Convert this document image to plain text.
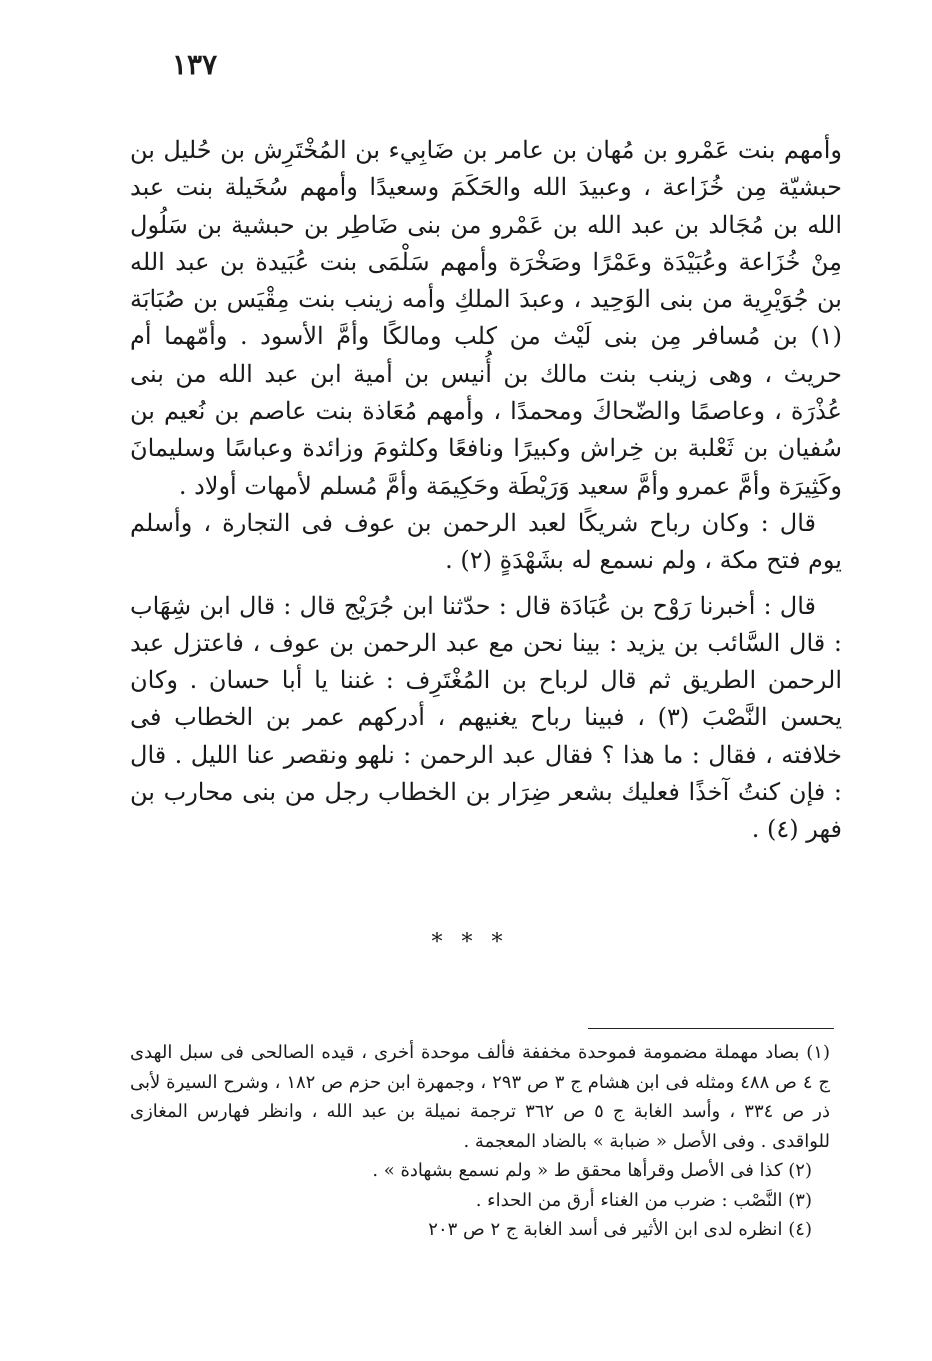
١٣٧

وأمهم بنت عَمْرو بن مُهان بن عامر بن ضَابِيء بن المُخْتَرِش بن حُليل بن حبشيّة مِن خُزَاعة ، وعبيدَ الله والحَكَمَ وسعيدًا وأمهم سُخَيلة بنت عبد الله بن مُجَالد بن عبد الله بن عَمْرو من بنى ضَاطِر بن حبشية بن سَلُول مِنْ خُزَاعة وعُبَيْدَة وعَمْرًا وصَخْرَة وأمهم سَلْمَى بنت عُبَيدة بن عبد الله بن جُوَيْرِية من بنى الوَحِيد ، وعبدَ الملكِ وأمه زينب بنت مِقْيَس بن صُبَابَة (١) بن مُسافر مِن بنى لَيْث من كلب ومالكًا وأمَّ الأسود . وأمّهما أم حريث ، وهى زينب بنت مالك بن أُنيس بن أمية ابن عبد الله من بنى عُذْرَة ، وعاصمًا والضّحاكَ ومحمدًا ، وأمهم مُعَاذة بنت عاصم بن نُعيم بن سُفيان بن ثَعْلبة بن خِراش وكبيرًا ونافعًا وكلثومَ وزائدة وعباسًا وسليمانَ وكَثِيرَة وأمَّ عمرو وأمَّ سعيد وَرَيْطَة وحَكِيمَة وأمَّ مُسلم لأمهات أولاد .

قال : وكان رباح شريكًا لعبد الرحمن بن عوف فى التجارة ، وأسلم يوم فتح مكة ، ولم نسمع له بشَهْدَةٍ (٢) .

قال : أخبرنا رَوْح بن عُبَادَة قال : حدّثنا ابن جُرَيْج قال : قال ابن شِهَاب : قال السَّائب بن يزيد : بينا نحن مع عبد الرحمن بن عوف ، فاعتزل عبد الرحمن الطريق ثم قال لرباح بن المُغْتَرِف : غننا يا أبا حسان . وكان يحسن النَّصْبَ (٣) ، فبينا رباح يغنيهم ، أدركهم عمر بن الخطاب فى خلافته ، فقال : ما هذا ؟ فقال عبد الرحمن : نلهو ونقصر عنا الليل . قال : فإن كنتُ آخذًا فعليك بشعر ضِرَار بن الخطاب رجل من بنى محارب بن فهر (٤) .

* * *

(١) بصاد مهملة مضمومة فموحدة مخففة فألف موحدة أخرى ، قيده الصالحى فى سبل الهدى ج ٤ ص ٤٨٨ ومثله فى ابن هشام ج ٣ ص ٢٩٣ ، وجمهرة ابن حزم ص ١٨٢ ، وشرح السيرة لأبى ذر ص ٣٣٤ ، وأسد الغابة ج ٥ ص ٣٦٢ ترجمة نميلة بن عبد الله ، وانظر فهارس المغازى للواقدى . وفى الأصل « ضبابة » بالضاد المعجمة .

(٢) كذا فى الأصل وقرأها محقق ط « ولم نسمع بشهادة » .

(٣) النَّصْب : ضرب من الغناء أرق من الحداء .

(٤) انظره لدى ابن الأثير فى أسد الغابة ج ٢ ص ٢٠٣
